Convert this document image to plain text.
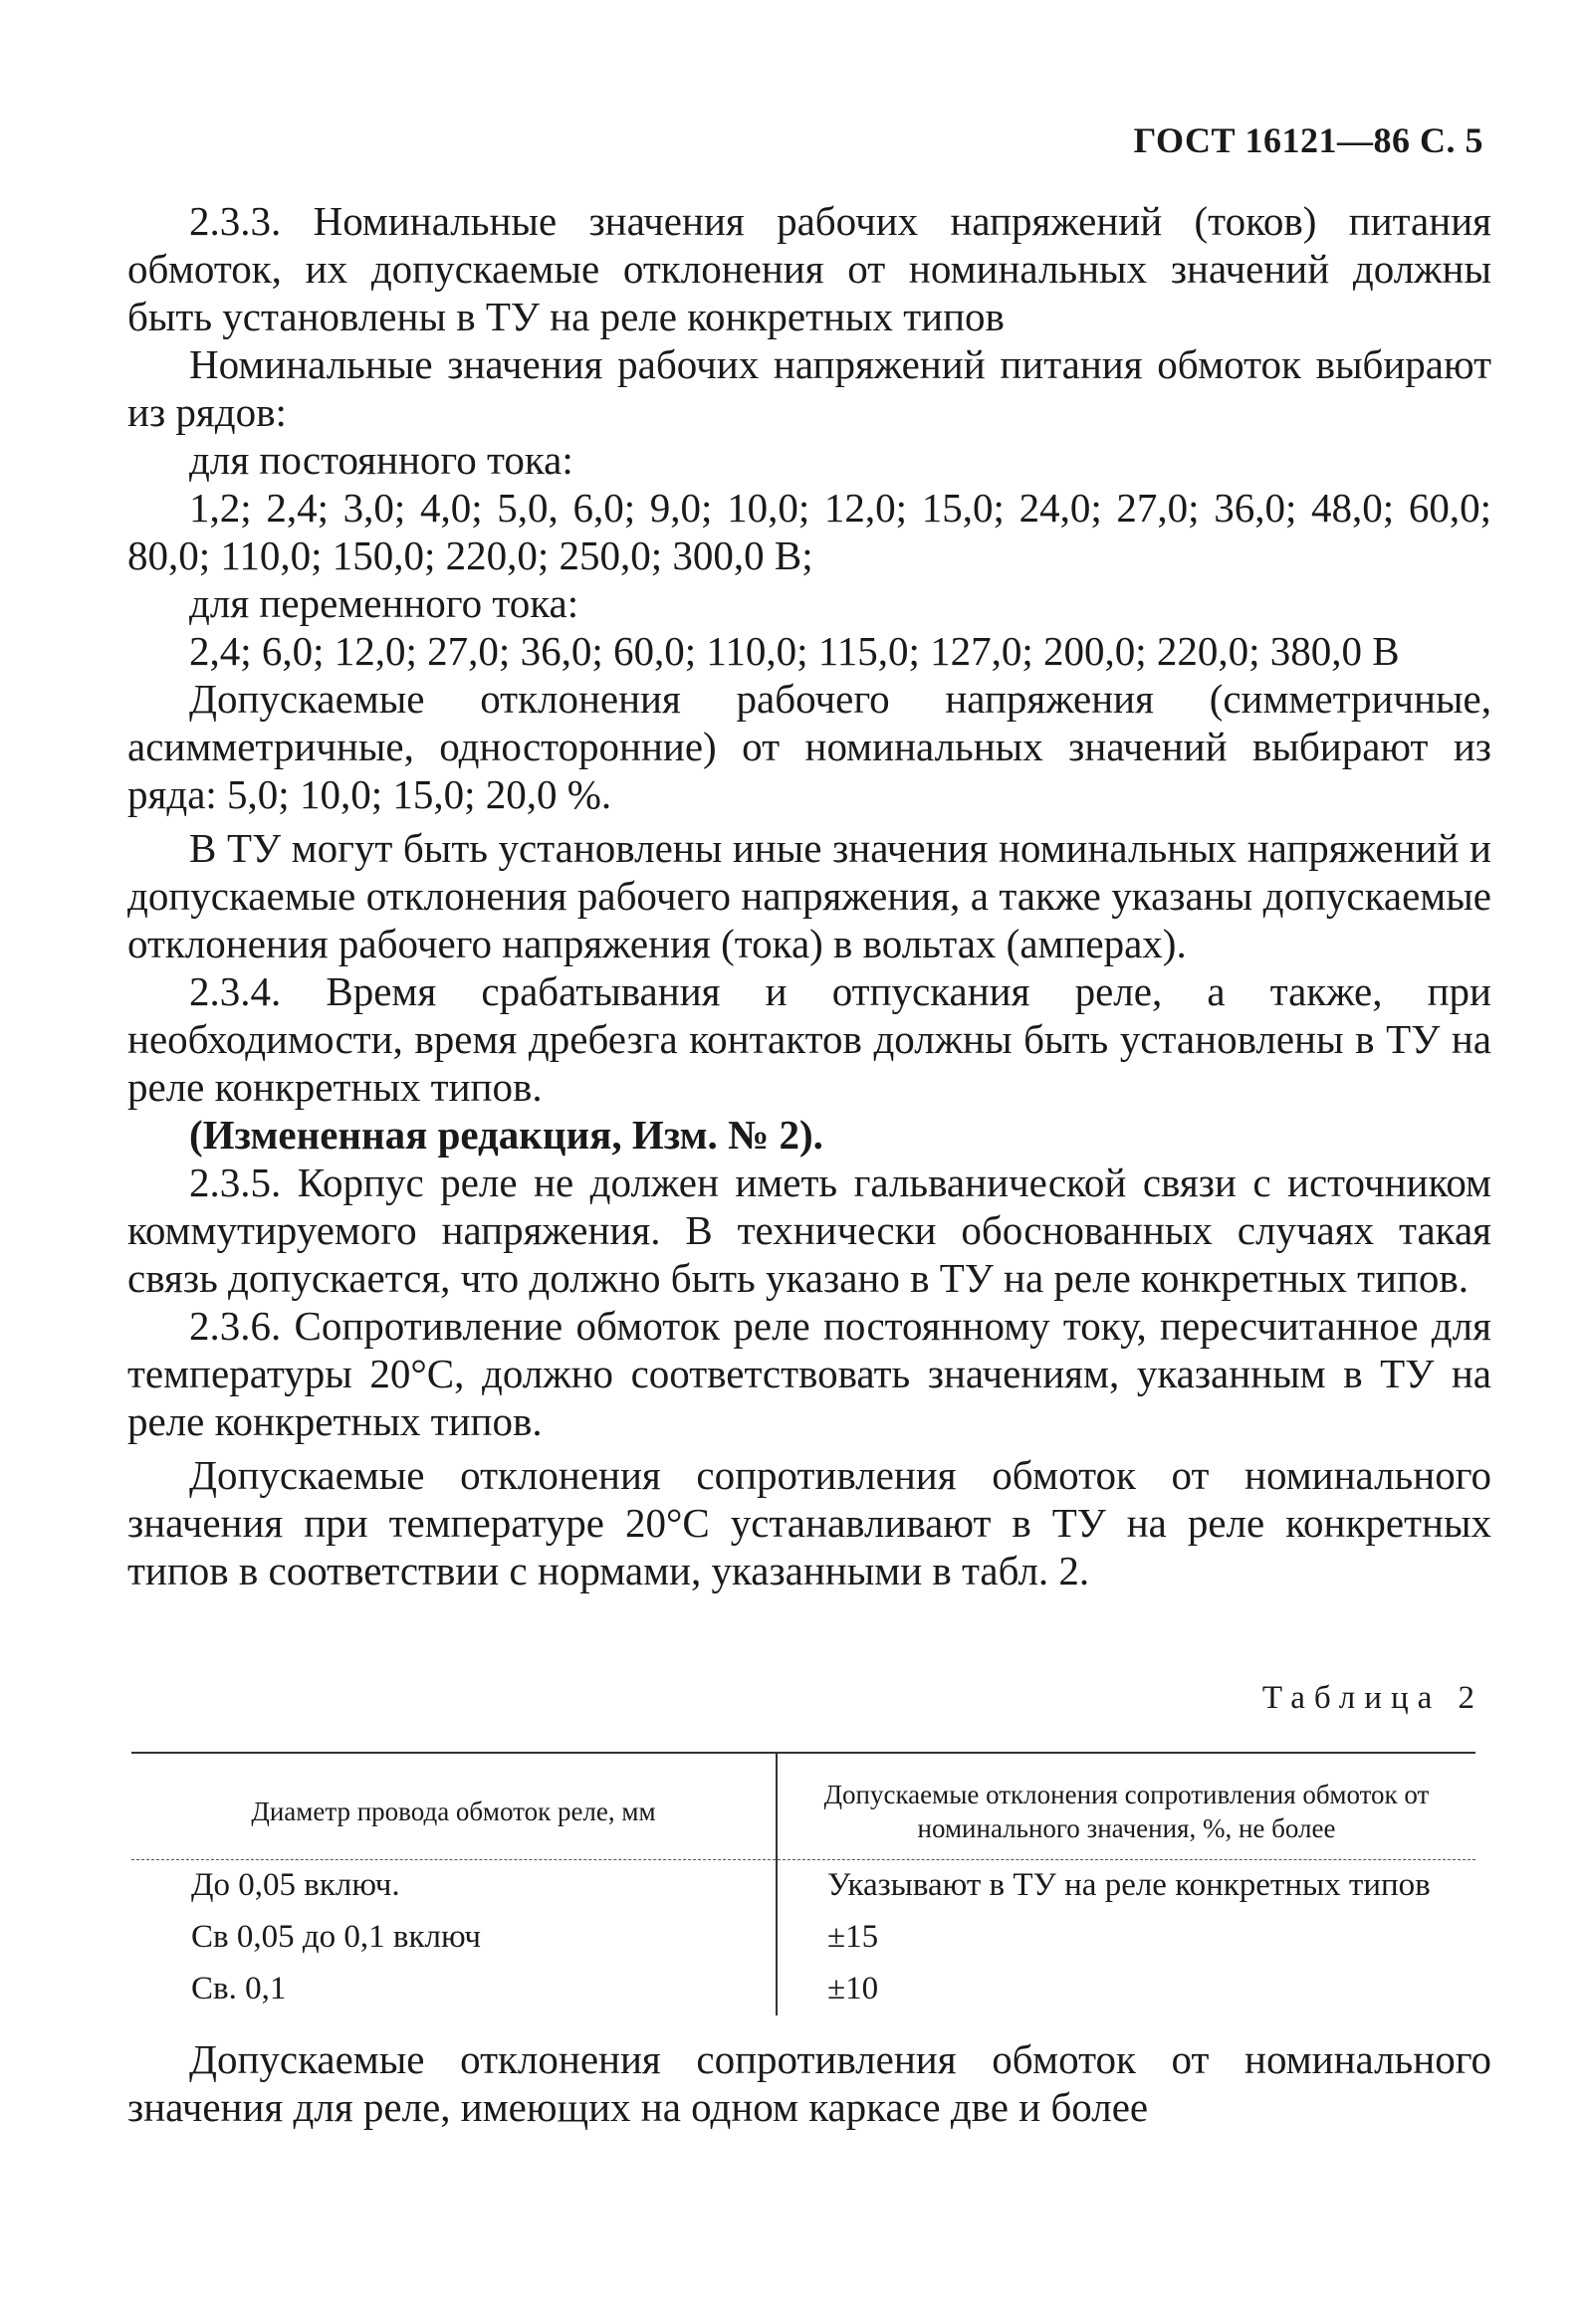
ГОСТ 16121—86 С. 5

2.3.3. Номинальные значения рабочих напряжений (токов) питания обмоток, их допускаемые отклонения от номинальных значений должны быть установлены в ТУ на реле конкретных типов

Номинальные значения рабочих напряжений питания обмоток выбирают из рядов:

для постоянного тока:

1,2; 2,4; 3,0; 4,0; 5,0, 6,0; 9,0; 10,0; 12,0; 15,0; 24,0; 27,0; 36,0; 48,0; 60,0; 80,0; 110,0; 150,0; 220,0; 250,0; 300,0 В;

для переменного тока:

2,4; 6,0; 12,0; 27,0; 36,0; 60,0; 110,0; 115,0; 127,0; 200,0; 220,0; 380,0 В

Допускаемые отклонения рабочего напряжения (симметричные, асимметричные, односторонние) от номинальных значений выбирают из ряда: 5,0; 10,0; 15,0; 20,0 %.

В ТУ могут быть установлены иные значения номинальных напряжений и допускаемые отклонения рабочего напряжения, а также указаны допускаемые отклонения рабочего напряжения (тока) в вольтах (амперах).

2.3.4. Время срабатывания и отпускания реле, а также, при необходимости, время дребезга контактов должны быть установлены в ТУ на реле конкретных типов.

(Измененная редакция, Изм. № 2).

2.3.5. Корпус реле не должен иметь гальванической связи с источником коммутируемого напряжения. В технически обоснованных случаях такая связь допускается, что должно быть указано в ТУ на реле конкретных типов.

2.3.6. Сопротивление обмоток реле постоянному току, пересчитанное для температуры 20°С, должно соответствовать значениям, указанным в ТУ на реле конкретных типов.

Допускаемые отклонения сопротивления обмоток от номинального значения при температуре 20°С устанавливают в ТУ на реле конкретных типов в соответствии с нормами, указанными в табл. 2.

Таблица 2
Диаметр провода обмоток реле, мм	Допускаемые отклонения сопротивления обмоток от номинального значения, %, не более
До 0,05 включ.	Указывают в ТУ на реле конкретных типов
Св 0,05 до 0,1 включ	±15
Св. 0,1	±10

Допускаемые отклонения сопротивления обмоток от номинального значения для реле, имеющих на одном каркасе две и более
